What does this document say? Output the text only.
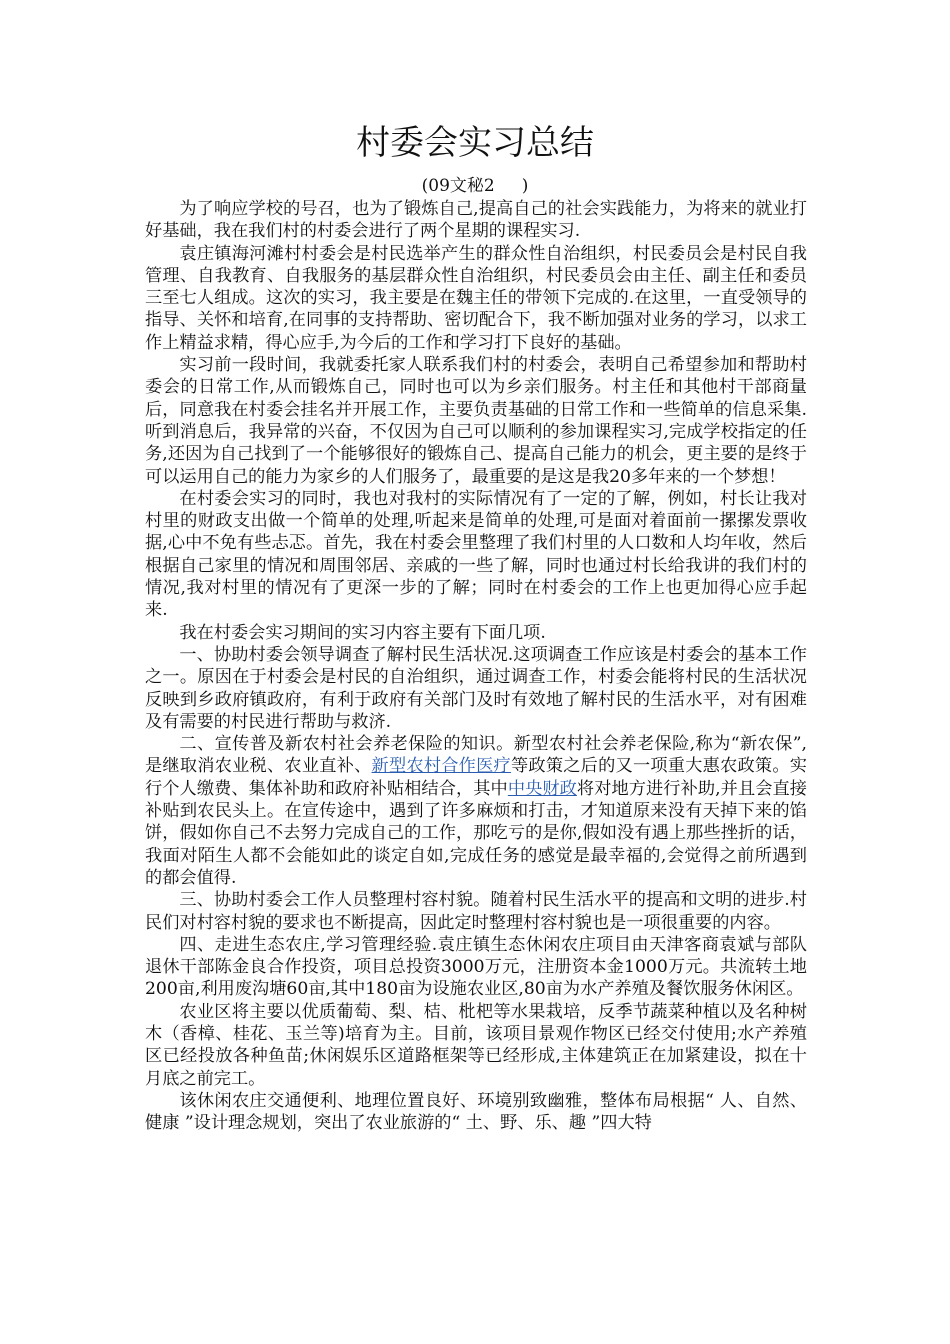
村委会实习总结
(09文秘2     )

为了响应学校的号召，也为了锻炼自己,提高自己的社会实践能力，为将来的就业打好基础，我在我们村的村委会进行了两个星期的课程实习.

袁庄镇海河滩村村委会是村民选举产生的群众性自治组织，村民委员会是村民自我管理、自我教育、自我服务的基层群众性自治组织，村民委员会由主任、副主任和委员三至七人组成。这次的实习，我主要是在魏主任的带领下完成的.在这里，一直受领导的指导、关怀和培育,在同事的支持帮助、密切配合下，我不断加强对业务的学习，以求工作上精益求精，得心应手,为今后的工作和学习打下良好的基础。

实习前一段时间，我就委托家人联系我们村的村委会，表明自己希望参加和帮助村委会的日常工作,从而锻炼自己，同时也可以为乡亲们服务。村主任和其他村干部商量后，同意我在村委会挂名并开展工作，主要负责基础的日常工作和一些简单的信息采集.听到消息后，我异常的兴奋，不仅因为自己可以顺利的参加课程实习,完成学校指定的任务,还因为自己找到了一个能够很好的锻炼自己、提高自己能力的机会，更主要的是终于可以运用自己的能力为家乡的人们服务了，最重要的是这是我20多年来的一个梦想！

在村委会实习的同时，我也对我村的实际情况有了一定的了解，例如，村长让我对村里的财政支出做一个简单的处理,听起来是简单的处理,可是面对着面前一摞摞发票收据,心中不免有些忐忑。首先，我在村委会里整理了我们村里的人口数和人均年收，然后根据自己家里的情况和周围邻居、亲戚的一些了解，同时也通过村长给我讲的我们村的情况,我对村里的情况有了更深一步的了解；同时在村委会的工作上也更加得心应手起来.

我在村委会实习期间的实习内容主要有下面几项.

一、协助村委会领导调查了解村民生活状况.这项调查工作应该是村委会的基本工作之一。原因在于村委会是村民的自治组织，通过调查工作，村委会能将村民的生活状况反映到乡政府镇政府，有利于政府有关部门及时有效地了解村民的生活水平，对有困难及有需要的村民进行帮助与救济.

二、宣传普及新农村社会养老保险的知识。新型农村社会养老保险,称为“新农保”,是继取消农业税、农业直补、新型农村合作医疗等政策之后的又一项重大惠农政策。实行个人缴费、集体补助和政府补贴相结合，其中中央财政将对地方进行补助,并且会直接补贴到农民头上。在宣传途中，遇到了许多麻烦和打击，才知道原来没有天掉下来的馅饼，假如你自己不去努力完成自己的工作，那吃亏的是你,假如没有遇上那些挫折的话，我面对陌生人都不会能如此的谈定自如,完成任务的感觉是最幸福的,会觉得之前所遇到的都会值得.

三、协助村委会工作人员整理村容村貌。随着村民生活水平的提高和文明的进步.村民们对村容村貌的要求也不断提高，因此定时整理村容村貌也是一项很重要的内容。

四、走进生态农庄,学习管理经验.袁庄镇生态休闲农庄项目由天津客商袁斌与部队退休干部陈金良合作投资，项目总投资3000万元，注册资本金1000万元。共流转土地200亩,利用废沟塘60亩,其中180亩为设施农业区,80亩为水产养殖及餐饮服务休闲区。

农业区将主要以优质葡萄、梨、桔、枇杷等水果栽培，反季节蔬菜种植以及名种树木（香樟、桂花、玉兰等)培育为主。目前，该项目景观作物区已经交付使用;水产养殖区已经投放各种鱼苗;休闲娱乐区道路框架等已经形成,主体建筑正在加紧建设，拟在十月底之前完工。

该休闲农庄交通便利、地理位置良好、环境别致幽雅，整体布局根据“ 人、自然、健康 ”设计理念规划，突出了农业旅游的“ 土、野、乐、趣 ”四大特
